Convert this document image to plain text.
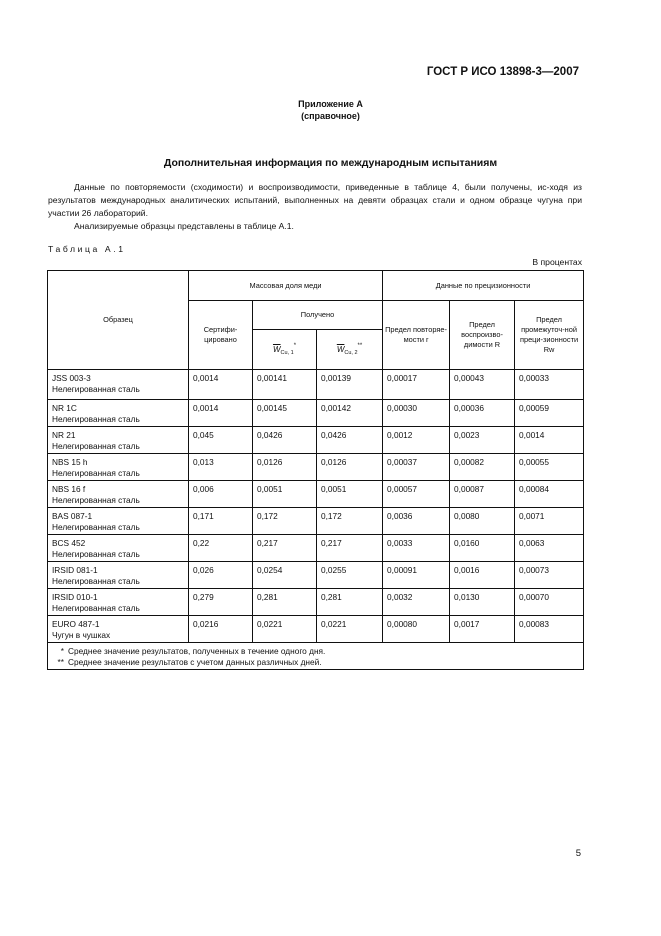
ГОСТ Р ИСО 13898-3—2007
Приложение А
(справочное)
Дополнительная информация по международным испытаниям
Данные по повторяемости (сходимости) и воспроизводимости, приведенные в таблице 4, были получены, ис-ходя из результатов международных аналитических испытаний, выполненных на девяти образцах стали и одном образце чугуна при участии 26 лабораторий.
Анализируемые образцы представлены в таблице А.1.
Таблица А.1
В процентах
Образец	Массовая доля меди			Данные по прецизионности		
	Сертифи-цировано	Получено		Предел повторяе-мости r	Предел воспроизво-димости R	Предел промежуточ-ной преци-зионности Rw
		$\overline{W}_{Cu, 1}^*$	$\overline{W}_{Cu, 2}^{**}$

JSS 003-3
Нелегированная сталь	0,0014	0,00141	0,00139	0,00017	0,00043	0,00033

NR 1C
Нелегированная сталь	0,0014	0,00145	0,00142	0,00030	0,00036	0,00059

NR 21
Нелегированная сталь	0,045	0,0426	0,0426	0,0012	0,0023	0,0014

NBS 15 h
Нелегированная сталь	0,013	0,0126	0,0126	0,00037	0,00082	0,00055

NBS 16 f
Нелегированная сталь	0,006	0,0051	0,0051	0,00057	0,00087	0,00084

BAS 087-1
Нелегированная сталь	0,171	0,172	0,172	0,0036	0,0080	0,0071

BCS 452
Нелегированная сталь	0,22	0,217	0,217	0,0033	0,0160	0,0063

IRSID 081-1
Нелегированная сталь	0,026	0,0254	0,0255	0,00091	0,0016	0,00073

IRSID 010-1
Нелегированная сталь	0,279	0,281	0,281	0,0032	0,0130	0,00070

EURO 487-1
Чугун в чушках	0,0216	0,0221	0,0221	0,00080	0,0017	0,00083

* Среднее значение результатов, полученных в течение одного дня.
** Среднее значение результатов с учетом данных различных дней.						
5
